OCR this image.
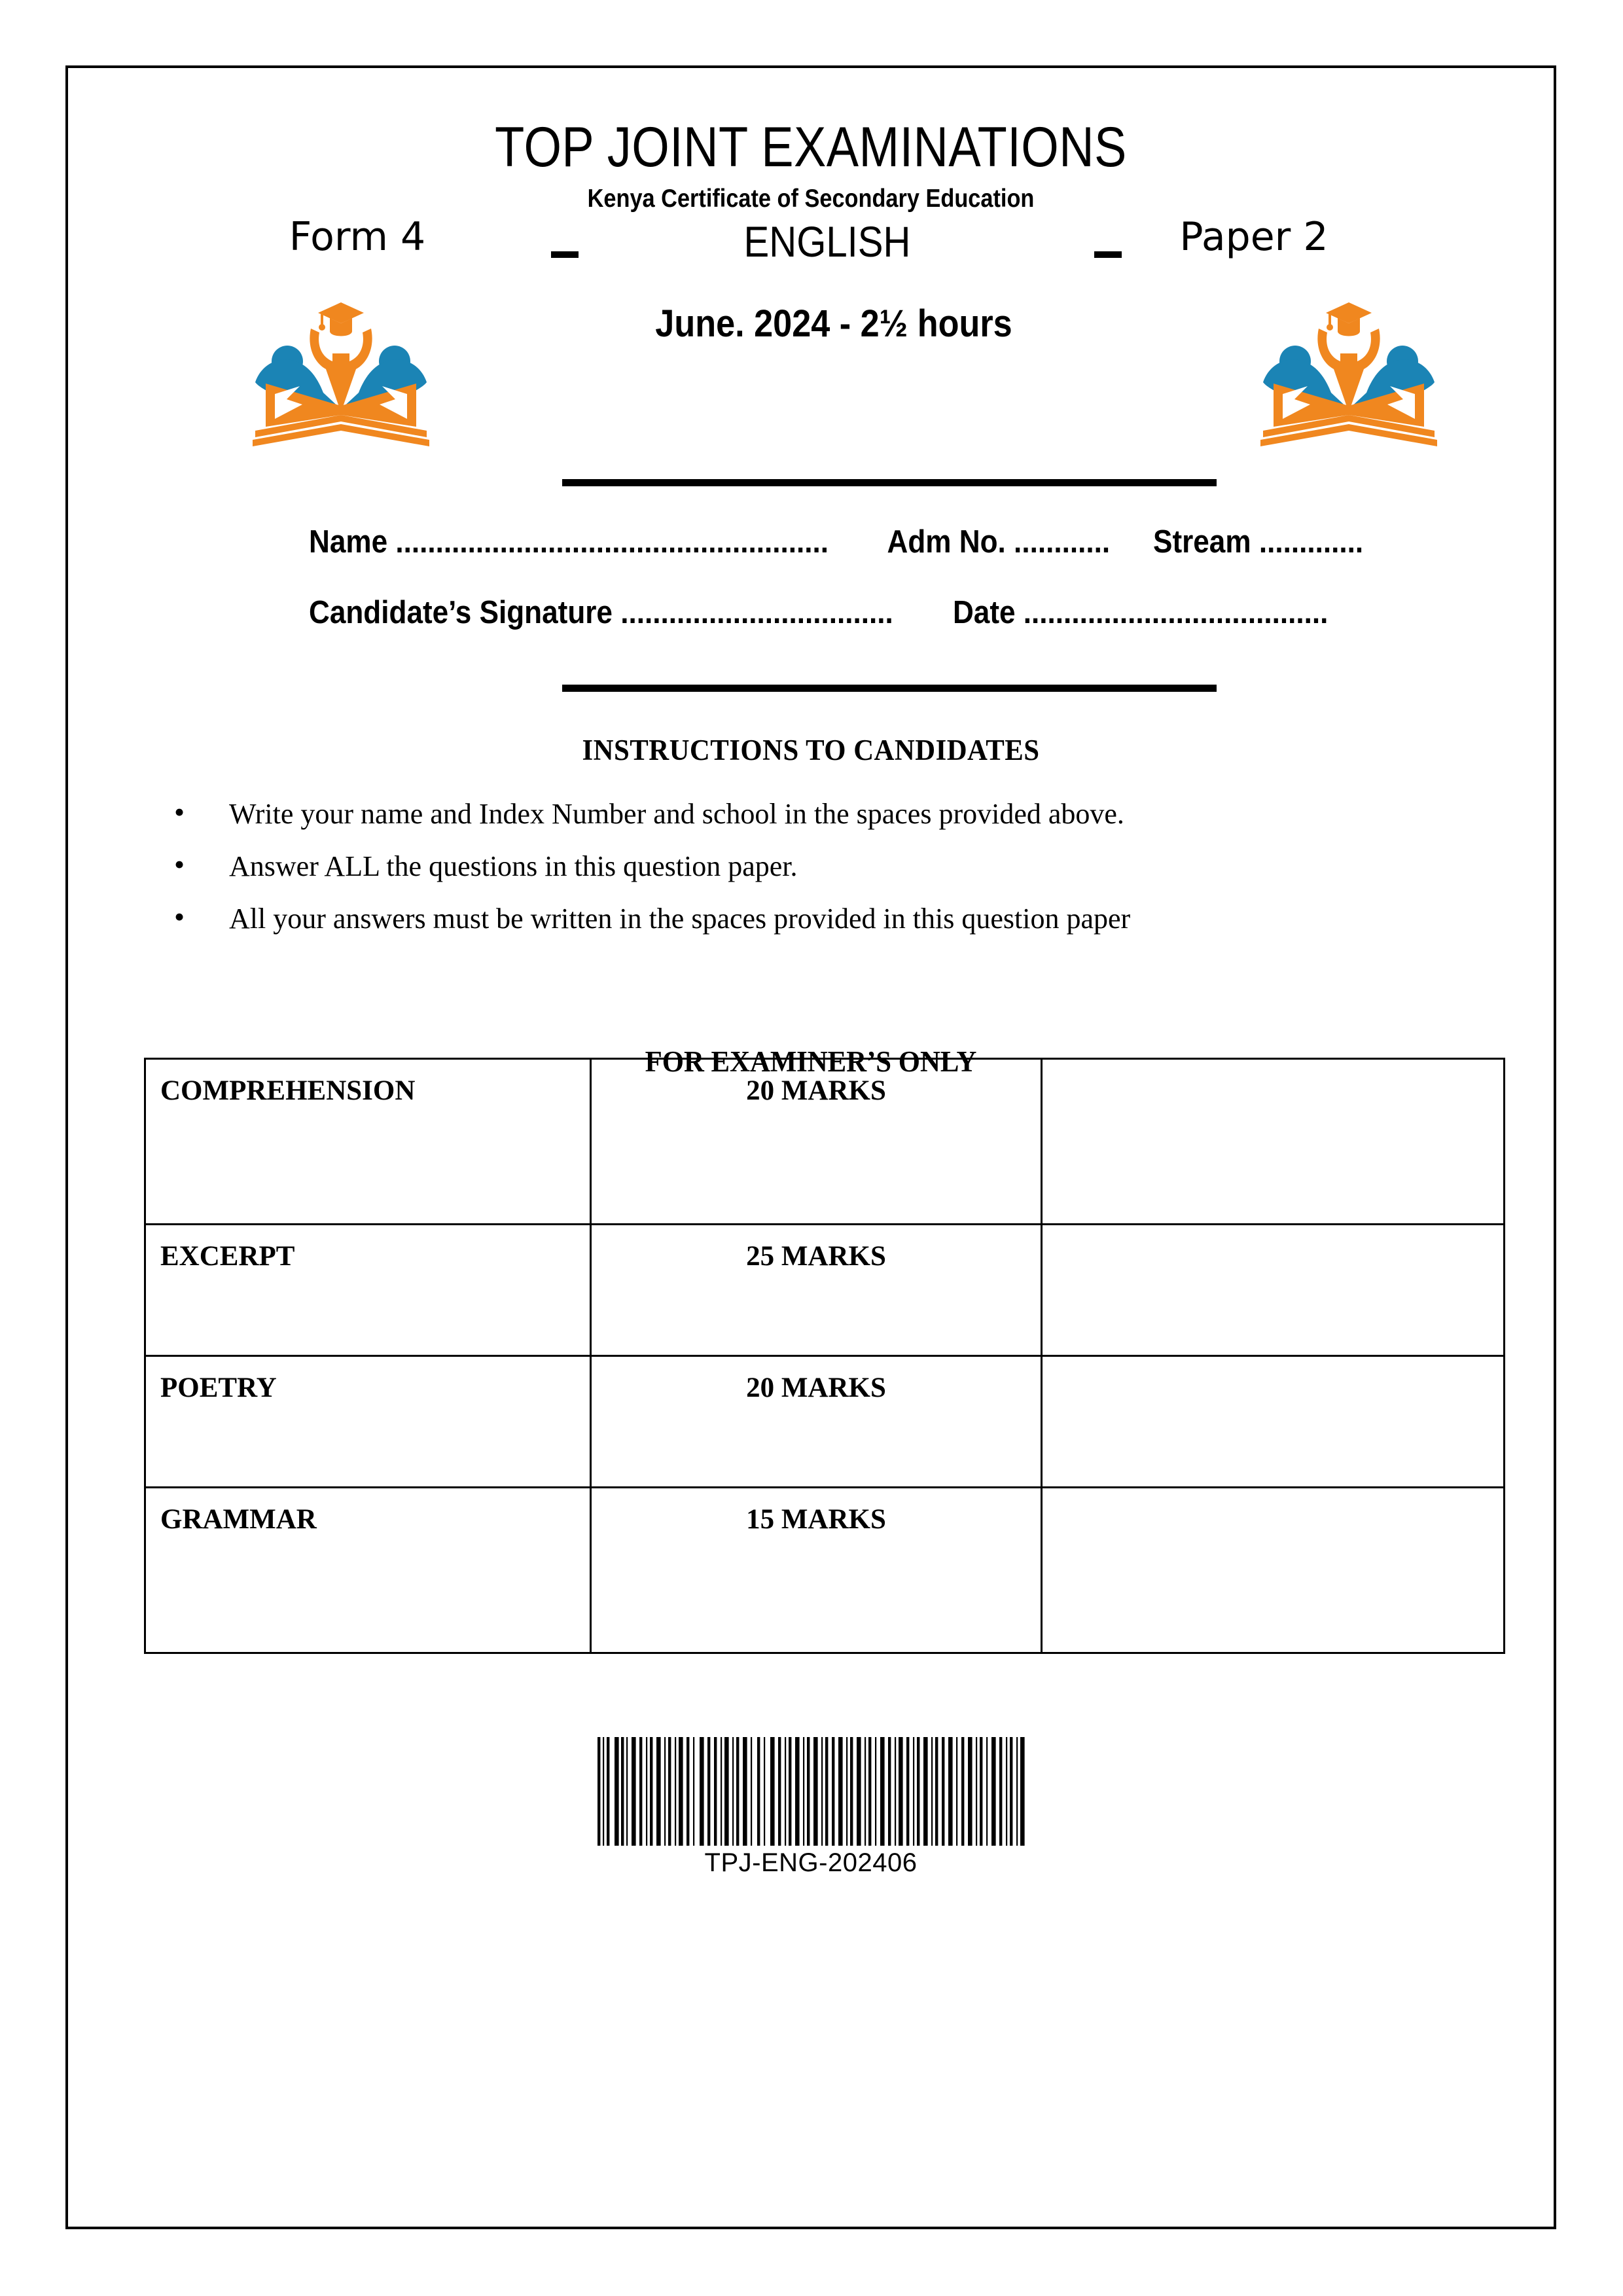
TOP JOINT EXAMINATIONS
Kenya Certificate of Secondary Education
Form 4	ENGLISH	Paper 2
June. 2024 - 2½ hours
Name ...................................................... Adm No. ............ Stream .............
Candidate’s Signature .................................. Date ......................................
INSTRUCTIONS TO CANDIDATES
• Write your name and Index Number and school in the spaces provided above.
• Answer ALL the questions in this question paper.
• All your answers must be written in the spaces provided in this question paper
FOR EXAMINER’S ONLY
COMPREHENSION	20 MARKS	
EXCERPT	25 MARKS	
POETRY	20 MARKS	
GRAMMAR	15 MARKS	
TPJ-ENG-202406
